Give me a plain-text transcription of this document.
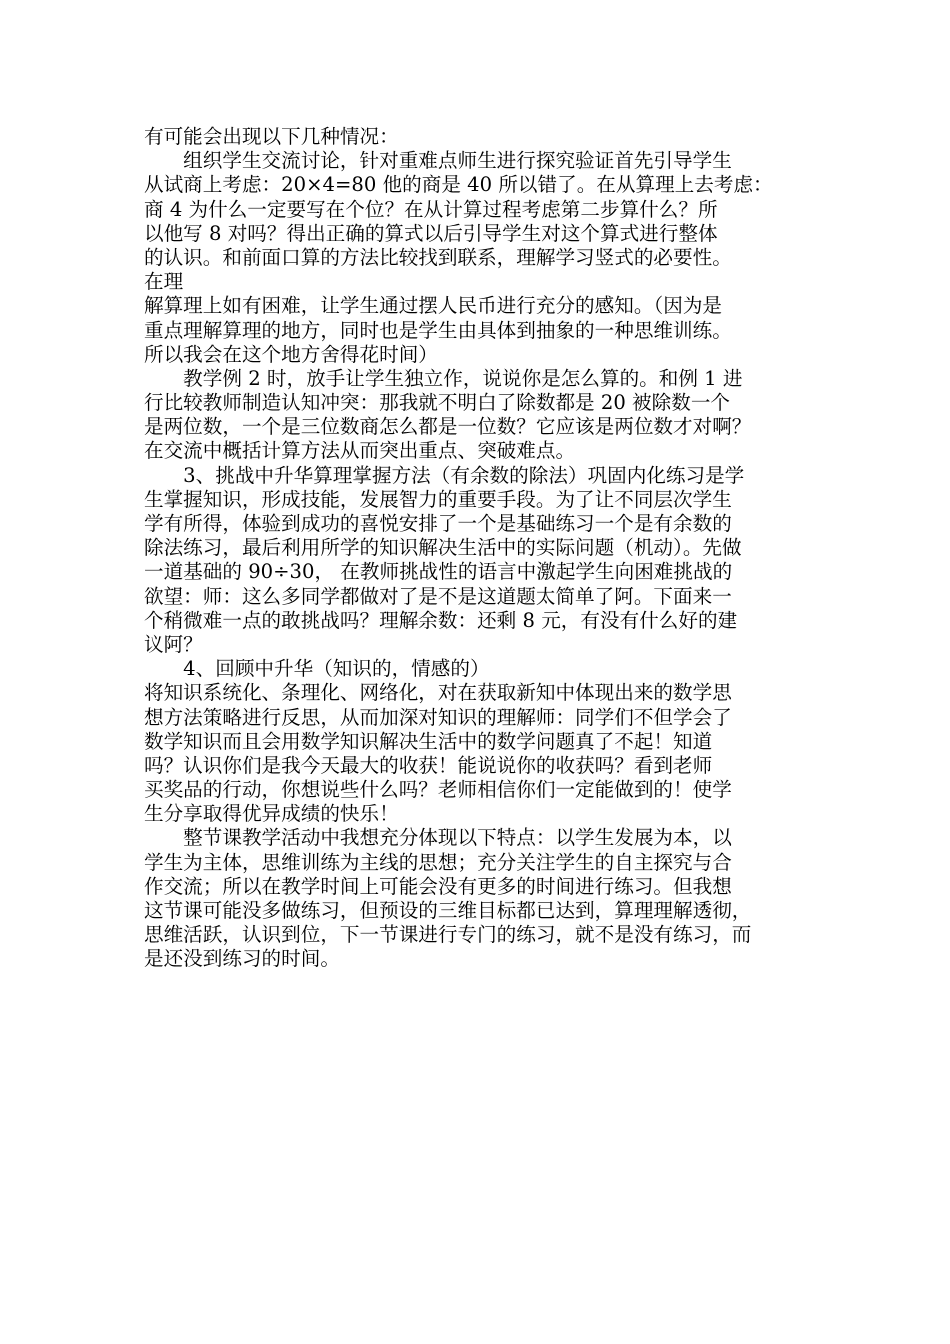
有可能会出现以下几种情况：
　　组织学生交流讨论，针对重难点师生进行探究验证首先引导学生
从试商上考虑：20×4=80 他的商是 40 所以错了。在从算理上去考虑：
商 4 为什么一定要写在个位？在从计算过程考虑第二步算什么？所
以他写 8 对吗？得出正确的算式以后引导学生对这个算式进行整体
的认识。和前面口算的方法比较找到联系，理解学习竖式的必要性。
在理
解算理上如有困难，让学生通过摆人民币进行充分的感知。（因为是
重点理解算理的地方，同时也是学生由具体到抽象的一种思维训练。
所以我会在这个地方舍得花时间）
　　教学例 2 时，放手让学生独立作，说说你是怎么算的。和例 1 进
行比较教师制造认知冲突：那我就不明白了除数都是 20 被除数一个
是两位数，一个是三位数商怎么都是一位数？它应该是两位数才对啊？
在交流中概括计算方法从而突出重点、突破难点。
　　3、挑战中升华算理掌握方法（有余数的除法）巩固内化练习是学
生掌握知识，形成技能，发展智力的重要手段。为了让不同层次学生
学有所得，体验到成功的喜悦安排了一个是基础练习一个是有余数的
除法练习，最后利用所学的知识解决生活中的实际问题（机动）。先做
一道基础的 90÷30， 在教师挑战性的语言中激起学生向困难挑战的
欲望：师：这么多同学都做对了是不是这道题太简单了阿。下面来一
个稍微难一点的敢挑战吗？理解余数：还剩 8 元，有没有什么好的建
议阿？
　　4、回顾中升华（知识的，情感的）
将知识系统化、条理化、网络化，对在获取新知中体现出来的数学思
想方法策略进行反思，从而加深对知识的理解师：同学们不但学会了
数学知识而且会用数学知识解决生活中的数学问题真了不起！知道
吗？认识你们是我今天最大的收获！能说说你的收获吗？看到老师
买奖品的行动，你想说些什么吗？老师相信你们一定能做到的！使学
生分享取得优异成绩的快乐！
　　整节课教学活动中我想充分体现以下特点：以学生发展为本，以
学生为主体，思维训练为主线的思想；充分关注学生的自主探究与合
作交流；所以在教学时间上可能会没有更多的时间进行练习。但我想
这节课可能没多做练习，但预设的三维目标都已达到，算理理解透彻，
思维活跃，认识到位，下一节课进行专门的练习，就不是没有练习，而
是还没到练习的时间。
